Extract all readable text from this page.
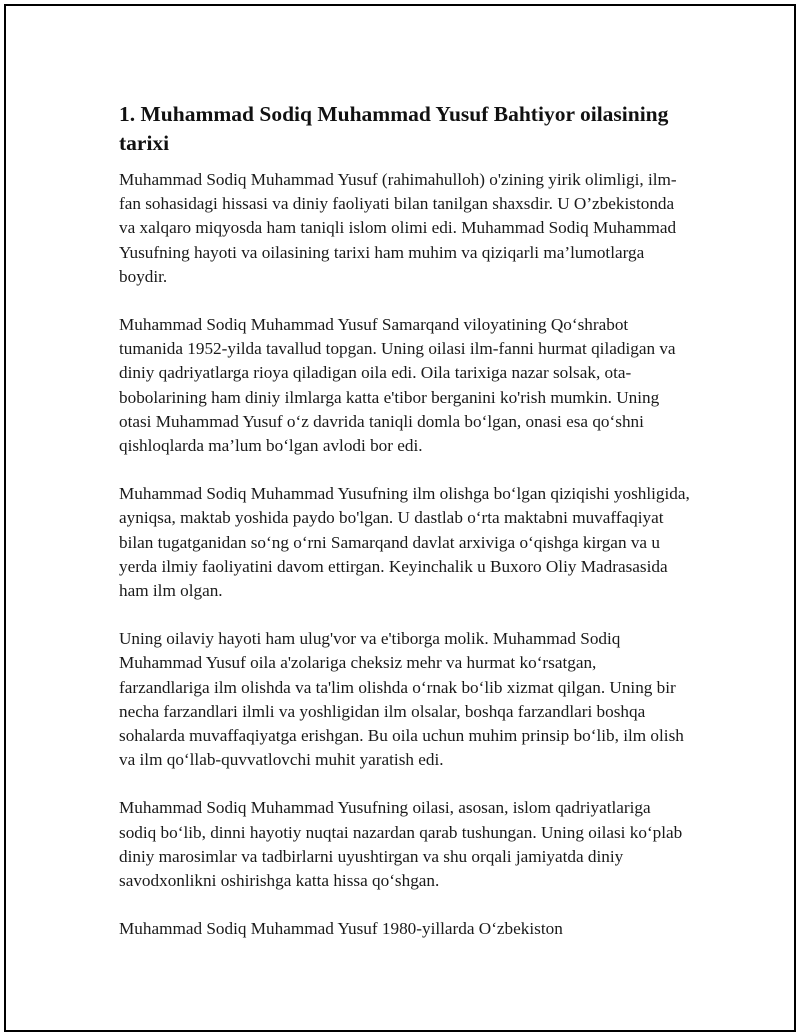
1. Muhammad Sodiq Muhammad Yusuf Bahtiyor oilasining tarixi

Muhammad Sodiq Muhammad Yusuf (rahimahulloh) o'zining yirik olimligi, ilm-fan sohasidagi hissasi va diniy faoliyati bilan tanilgan shaxsdir. U O’zbekistonda va xalqaro miqyosda ham taniqli islom olimi edi. Muhammad Sodiq Muhammad Yusufning hayoti va oilasining tarixi ham muhim va qiziqarli ma’lumotlarga boydir.

Muhammad Sodiq Muhammad Yusuf Samarqand viloyatining Qo‘shrabot tumanida 1952-yilda tavallud topgan. Uning oilasi ilm-fanni hurmat qiladigan va diniy qadriyatlarga rioya qiladigan oila edi. Oila tarixiga nazar solsak, ota-bobolarining ham diniy ilmlarga katta e'tibor berganini ko'rish mumkin. Uning otasi Muhammad Yusuf o‘z davrida taniqli domla bo‘lgan, onasi esa qo‘shni qishloqlarda ma’lum bo‘lgan avlodi bor edi.

Muhammad Sodiq Muhammad Yusufning ilm olishga bo‘lgan qiziqishi yoshligida, ayniqsa, maktab yoshida paydo bo'lgan. U dastlab o‘rta maktabni muvaffaqiyat bilan tugatganidan so‘ng o‘rni Samarqand davlat arxiviga o‘qishga kirgan va u yerda ilmiy faoliyatini davom ettirgan. Keyinchalik u Buxoro Oliy Madrasasida ham ilm olgan.

Uning oilaviy hayoti ham ulug'vor va e'tiborga molik. Muhammad Sodiq Muhammad Yusuf oila a'zolariga cheksiz mehr va hurmat ko‘rsatgan, farzandlariga ilm olishda va ta'lim olishda o‘rnak bo‘lib xizmat qilgan. Uning bir necha farzandlari ilmli va yoshligidan ilm olsalar, boshqa farzandlari boshqa sohalarda muvaffaqiyatga erishgan. Bu oila uchun muhim prinsip bo‘lib, ilm olish va ilm qo‘llab-quvvatlovchi muhit yaratish edi.

Muhammad Sodiq Muhammad Yusufning oilasi, asosan, islom qadriyatlariga sodiq bo‘lib, dinni hayotiy nuqtai nazardan qarab tushungan. Uning oilasi ko‘plab diniy marosimlar va tadbirlarni uyushtirgan va shu orqali jamiyatda diniy savodxonlikni oshirishga katta hissa qo‘shgan.

Muhammad Sodiq Muhammad Yusuf 1980-yillarda O‘zbekiston
